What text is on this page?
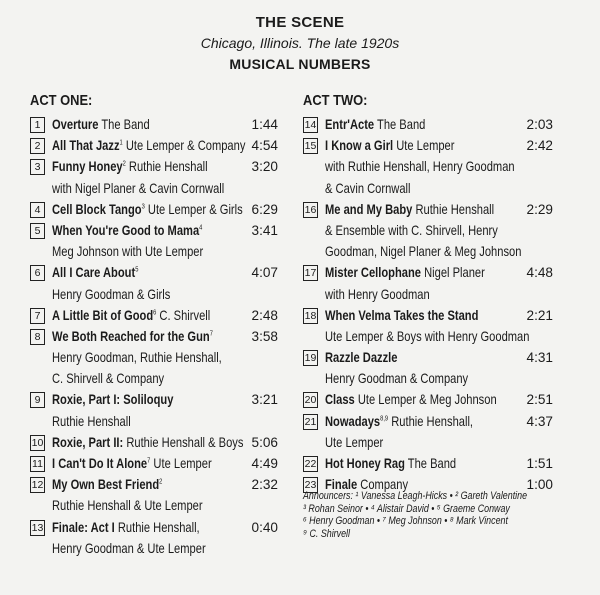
THE SCENE
Chicago, Illinois. The late 1920s
MUSICAL NUMBERS
ACT ONE:
1 Overture The Band	1:44
2 All That Jazz$^1$ Ute Lemper & Company 4:54
3 Funny Honey$^2$ Ruthie Henshall	3:20
with Nigel Planer & Cavin Cornwall
4 Cell Block Tango$^3$ Ute Lemper & Girls 6:29
5 When You're Good to Mama$^4$	3:41
Meg Johnson with Ute Lemper
6 All I Care About$^5$	4:07
Henry Goodman & Girls
7 A Little Bit of Good$^6$ C. Shirvell	2:48
8 We Both Reached for the Gun$^7$	3:58
Henry Goodman, Ruthie Henshall,
C. Shirvell & Company
9 Roxie, Part I: Soliloquy	3:21
Ruthie Henshall
10 Roxie, Part II: Ruthie Henshall & Boys 5:06
11 I Can't Do It Alone$^7$ Ute Lemper	4:49
12 My Own Best Friend$^2$	2:32
Ruthie Henshall & Ute Lemper
13 Finale: Act I Ruthie Henshall,	0:40
Henry Goodman & Ute Lemper
ACT TWO:
14 Entr'Acte The Band	2:03
15 I Know a Girl Ute Lemper	2:42
with Ruthie Henshall, Henry Goodman
& Cavin Cornwall
16 Me and My Baby Ruthie Henshall 2:29
& Ensemble with C. Shirvell, Henry
Goodman, Nigel Planer & Meg Johnson
17 Mister Cellophane Nigel Planer	4:48
with Henry Goodman
18 When Velma Takes the Stand	2:21
Ute Lemper & Boys with Henry Goodman
19 Razzle Dazzle	4:31
Henry Goodman & Company
20 Class Ute Lemper & Meg Johnson 2:51
21 Nowadays$^{8,9}$ Ruthie Henshall,	4:37
Ute Lemper
22 Hot Honey Rag The Band	1:51
23 Finale Company	1:00
Announcers: ¹ Vanessa Leagh-Hicks • ² Gareth Valentine
³ Rohan Seinor • ⁴ Alistair David • ⁵ Graeme Conway
⁶ Henry Goodman • ⁷ Meg Johnson • ⁸ Mark Vincent
⁹ C. Shirvell
